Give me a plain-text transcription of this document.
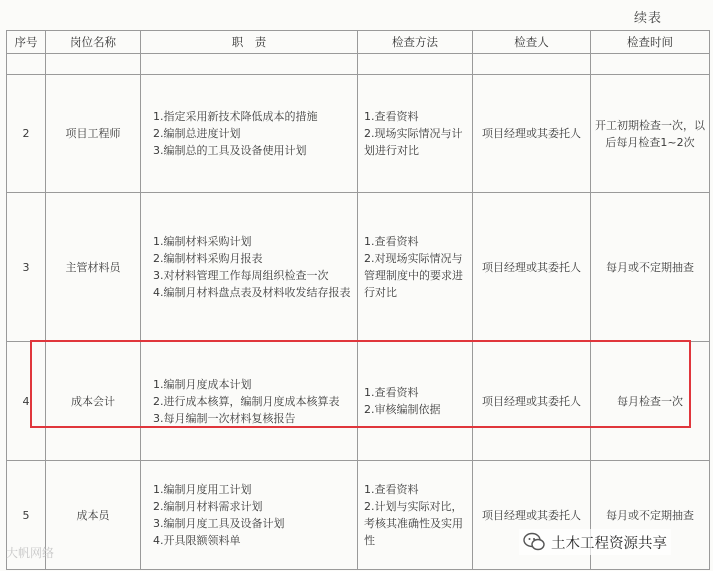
续表
序号	岗位名称	职　责	检查方法	检查人	检查时间

2	项目工程师	1.指定采用新技术降低成本的措施
2.编制总进度计划
3.编制总的工具及设备使用计划	1.查看资料
2.现场实际情况与计划进行对比	项目经理或其委托人	开工初期检查一次，以后每月检查1~2次
3	主管材料员	1.编制材料采购计划
2.编制材料采购月报表
3.对材料管理工作每周组织检查一次
4.编制月材料盘点表及材料收发结存报表	1.查看资料
2.对现场实际情况与管理制度中的要求进行对比	项目经理或其委托人	每月或不定期抽查
4	成本会计	1.编制月度成本计划
2.进行成本核算，编制月度成本核算表
3.每月编制一次材料复核报告	1.查看资料
2.审核编制依据	项目经理或其委托人	每月检查一次
5	成本员	1.编制月度用工计划
2.编制月材料需求计划
3.编制月度工具及设备计划
4.开具限额领料单	1.查看资料
2.计划与实际对比，考核其准确性及实用性	项目经理或其委托人	每月或不定期抽查
大帆网络
土木工程资源共享
